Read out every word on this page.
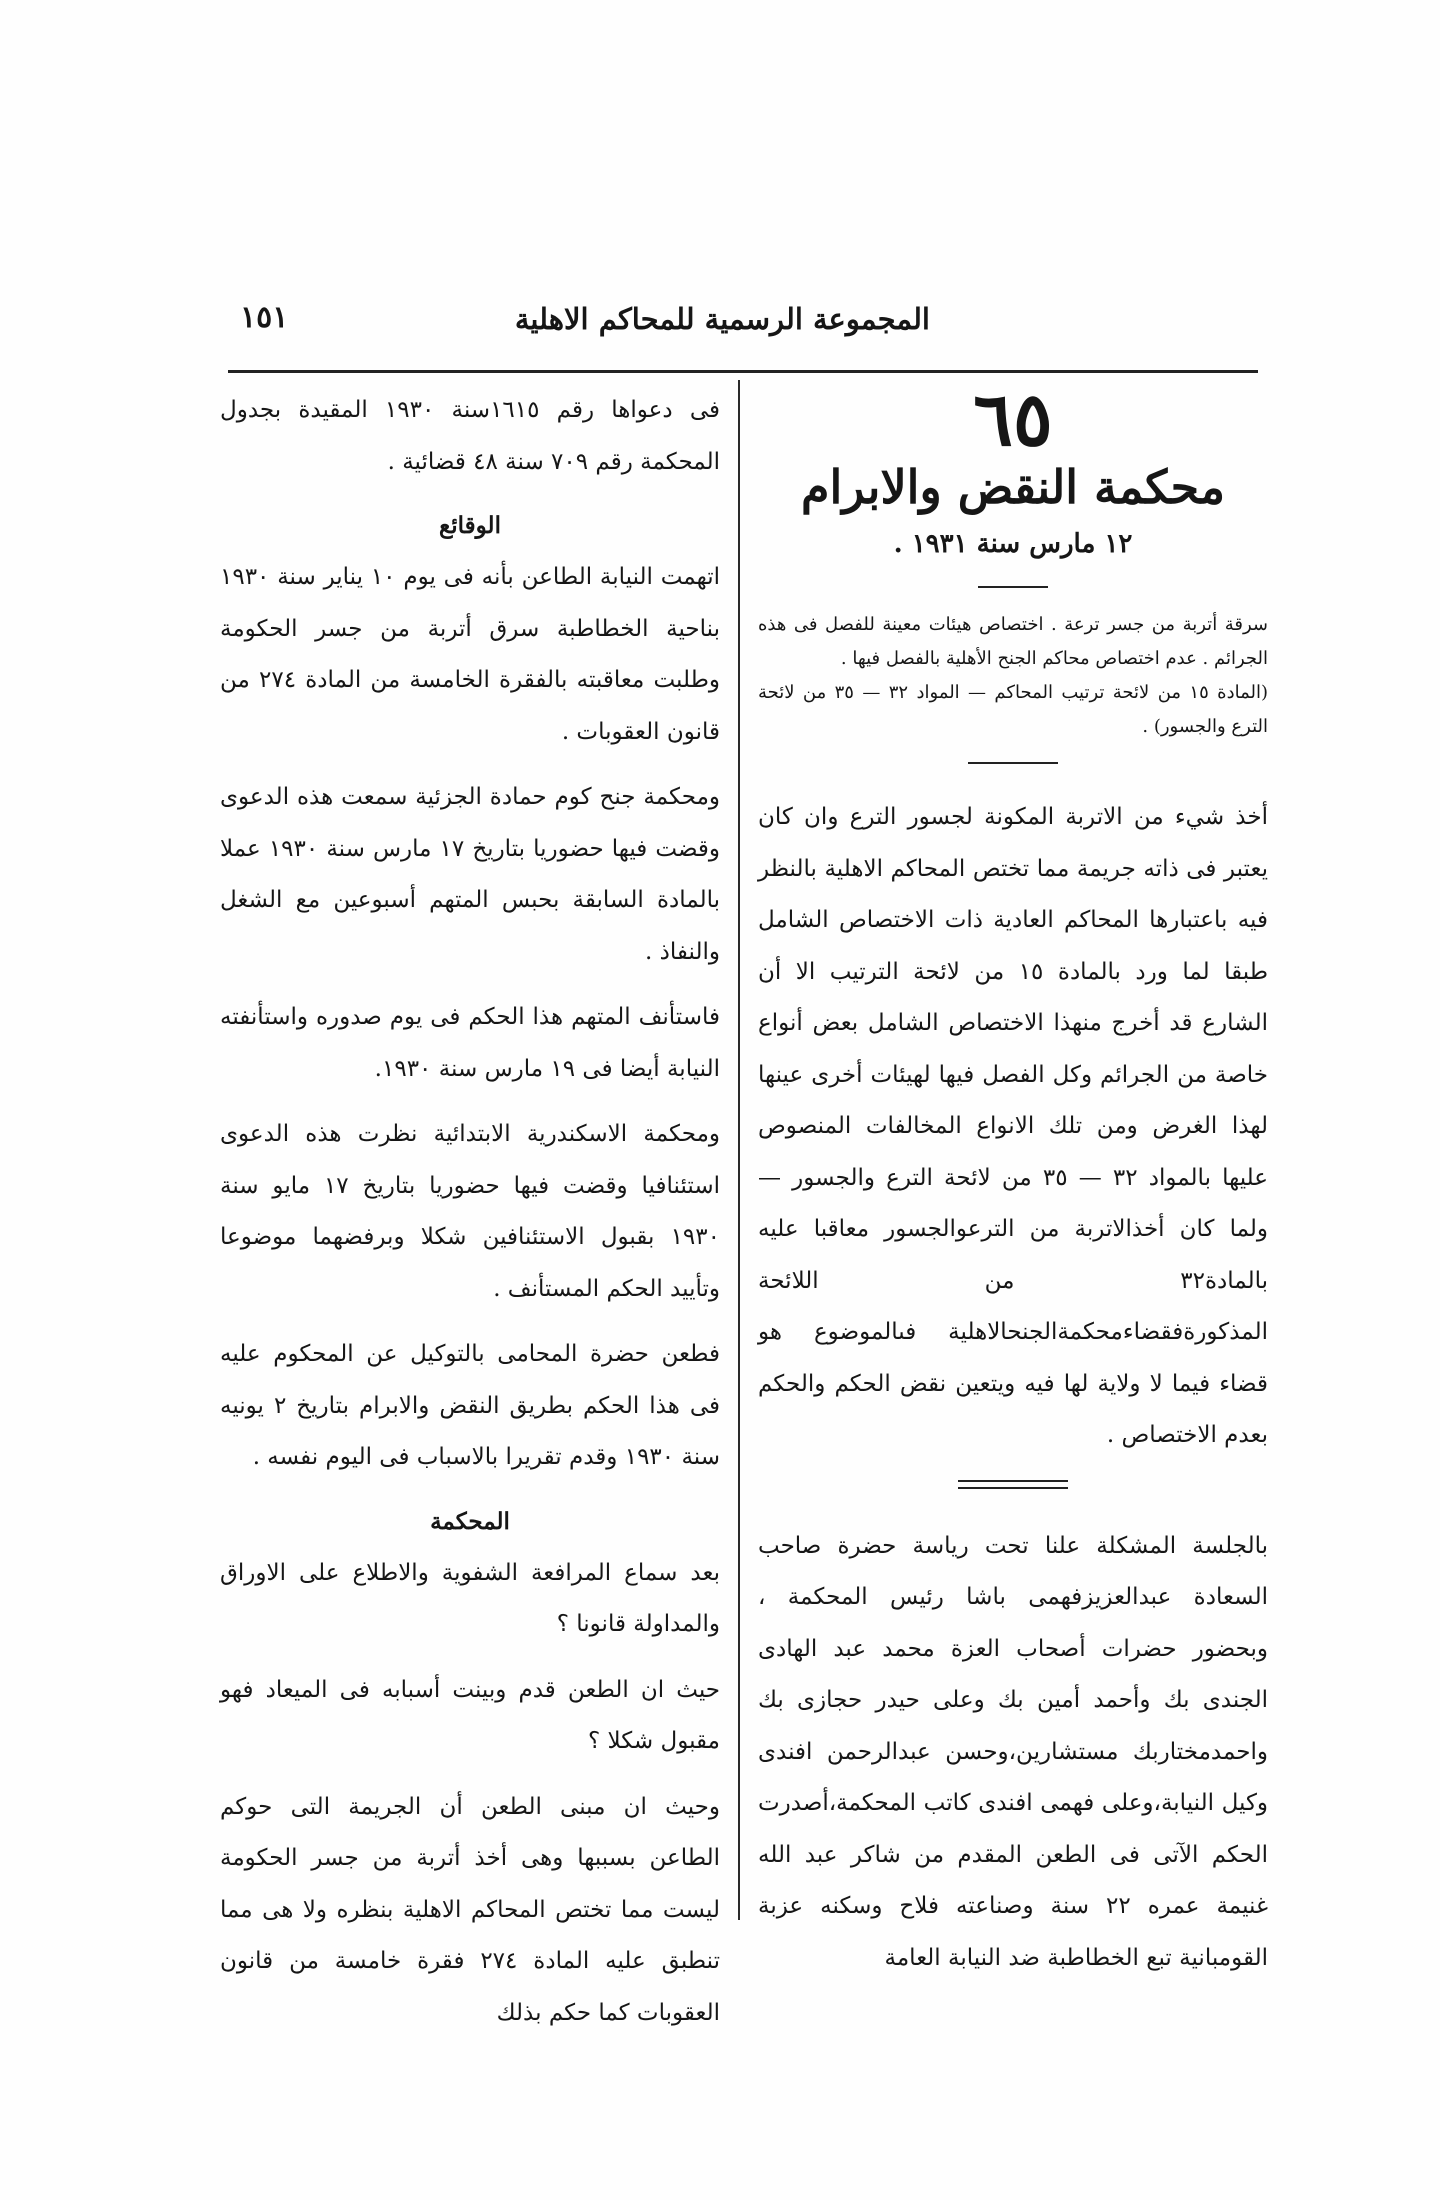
المجموعة الرسمية للمحاكم الاهلية
١٥١
٦٥
محكمة النقض والابرام
١٢ مارس سنة ١٩٣١ .

سرقة أتربة من جسر ترعة . اختصاص هيئات معينة للفصل فى هذه الجرائم . عدم اختصاص محاكم الجنح الأهلية بالفصل فيها .

(المادة ١٥ من لائحة ترتيب المحاكم — المواد ٣٢ — ٣٥ من لائحة الترع والجسور) .

أخذ شيء من الاتربة المكونة لجسور الترع وان كان يعتبر فى ذاته جريمة مما تختص المحاكم الاهلية بالنظر فيه باعتبارها المحاكم العادية ذات الاختصاص الشامل طبقا لما ورد بالمادة ١٥ من لائحة الترتيب الا أن الشارع قد أخرج منهذا الاختصاص الشامل بعض أنواع خاصة من الجرائم وكل الفصل فيها لهيئات أخرى عينها لهذا الغرض ومن تلك الانواع المخالفات المنصوص عليها بالمواد ٣٢ — ٣٥ من لائحة الترع والجسور — ولما كان أخذالاتربة من الترعوالجسور معاقبا عليه بالمادة٣٢ من اللائحة المذكورةفقضاءمحكمةالجنحالاهلية فىالموضوع هو قضاء فيما لا ولاية لها فيه ويتعين نقض الحكم والحكم بعدم الاختصاص .

بالجلسة المشكلة علنا تحت رياسة حضرة صاحب السعادة عبدالعزيزفهمى باشا رئيس المحكمة ، وبحضور حضرات أصحاب العزة محمد عبد الهادى الجندى بك وأحمد أمين بك وعلى حيدر حجازى بك واحمدمختاربك مستشارين،وحسن عبدالرحمن افندى وكيل النيابة،وعلى فهمى افندى كاتب المحكمة،أصدرت الحكم الآتى فى الطعن المقدم من شاكر عبد الله غنيمة عمره ٢٢ سنة وصناعته فلاح وسكنه عزبة القومبانية تبع الخطاطبة ضد النيابة العامة

فى دعواها رقم ١٦١٥سنة ١٩٣٠ المقيدة بجدول المحكمة رقم ٧٠٩ سنة ٤٨ قضائية .

الوقائع

اتهمت النيابة الطاعن بأنه فى يوم ١٠ يناير سنة ١٩٣٠ بناحية الخطاطبة سرق أتربة من جسر الحكومة وطلبت معاقبته بالفقرة الخامسة من المادة ٢٧٤ من قانون العقوبات .

ومحكمة جنح كوم حمادة الجزئية سمعت هذه الدعوى وقضت فيها حضوريا بتاريخ ١٧ مارس سنة ١٩٣٠ عملا بالمادة السابقة بحبس المتهم أسبوعين مع الشغل والنفاذ .

فاستأنف المتهم هذا الحكم فى يوم صدوره واستأنفته النيابة أيضا فى ١٩ مارس سنة ١٩٣٠.

ومحكمة الاسكندرية الابتدائية نظرت هذه الدعوى استئنافيا وقضت فيها حضوريا بتاريخ ١٧ مايو سنة ١٩٣٠ بقبول الاستئنافين شكلا وبرفضهما موضوعا وتأييد الحكم المستأنف .

فطعن حضرة المحامى بالتوكيل عن المحكوم عليه فى هذا الحكم بطريق النقض والابرام بتاريخ ٢ يونيه سنة ١٩٣٠ وقدم تقريرا بالاسباب فى اليوم نفسه .

المحكمة

بعد سماع المرافعة الشفوية والاطلاع على الاوراق والمداولة قانونا ؟

حيث ان الطعن قدم وبينت أسبابه فى الميعاد فهو مقبول شكلا ؟

وحيث ان مبنى الطعن أن الجريمة التى حوكم الطاعن بسببها وهى أخذ أتربة من جسر الحكومة ليست مما تختص المحاكم الاهلية بنظره ولا هى مما تنطبق عليه المادة ٢٧٤ فقرة خامسة من قانون العقوبات كما حكم بذلك
